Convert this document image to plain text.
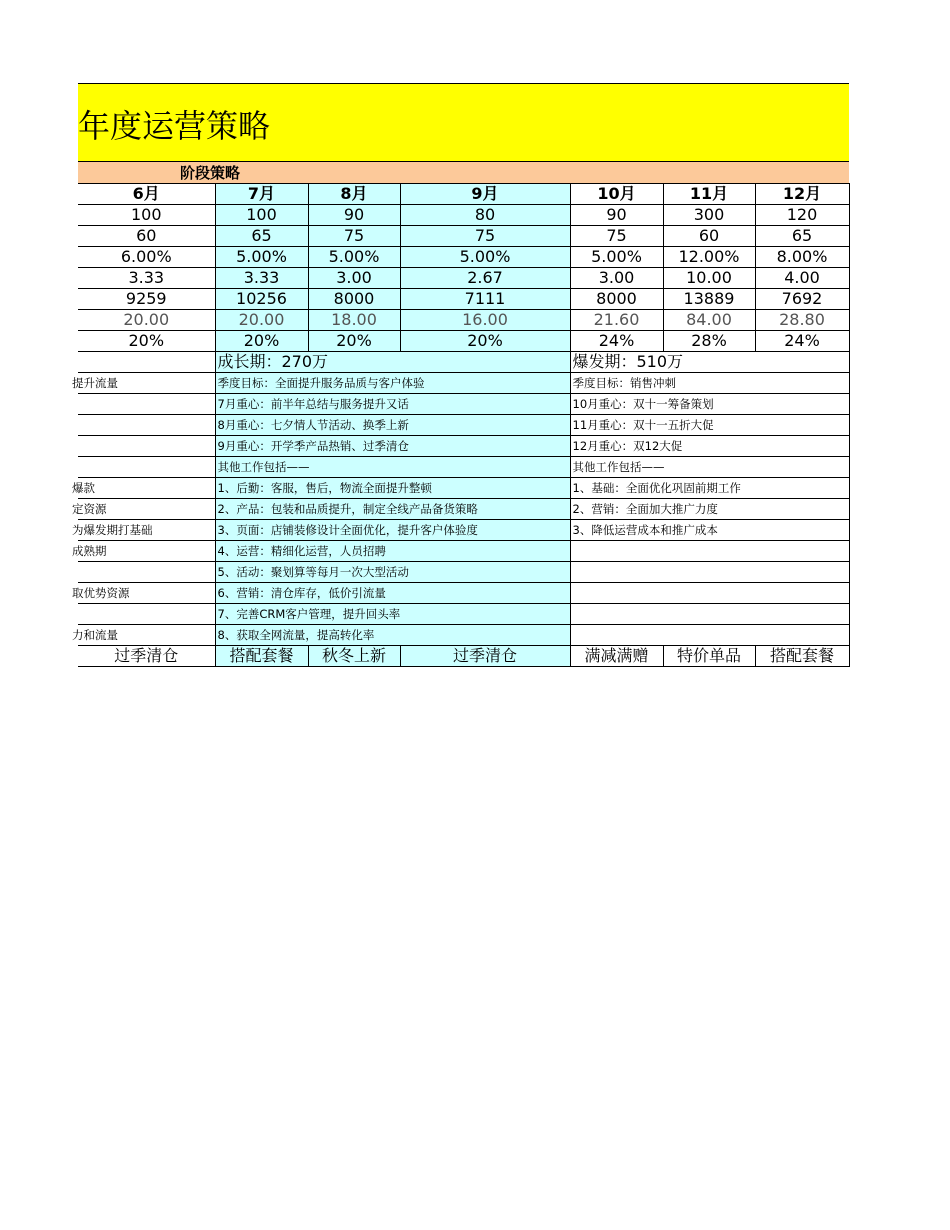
年度运营策略
阶段策略
6月	7月	8月	9月	10月	11月	12月
100	100	90	80	90	300	120
60	65	75	75	75	60	65
6.00%	5.00%	5.00%	5.00%	5.00%	12.00%	8.00%
3.33	3.33	3.00	2.67	3.00	10.00	4.00
9259	10256	8000	7111	8000	13889	7692
20.00	20.00	18.00	16.00	21.60	84.00	28.80
20%	20%	20%	20%	24%	28%	24%
	成长期：270万			爆发期：510万		
提升流量	季度目标：全面提升服务品质与客户体验			季度目标：销售冲刺		
	7月重心：前半年总结与服务提升又话			10月重心：双十一筹备策划		
	8月重心：七夕情人节活动、换季上新			11月重心：双十一五折大促		
	9月重心：开学季产品热销、过季清仓			12月重心：双12大促		
	其他工作包括——			其他工作包括——		
爆款	1、后勤：客服，售后，物流全面提升整顿			1、基础：全面优化巩固前期工作		
定资源	2、产品：包装和品质提升，制定全线产品备货策略			2、营销：全面加大推广力度		
为爆发期打基础	3、页面：店铺装修设计全面优化，提升客户体验度			3、降低运营成本和推广成本		
成熟期	4、运营：精细化运营，人员招聘					
	5、活动：聚划算等每月一次大型活动					
取优势资源	6、营销：清仓库存，低价引流量					
	7、完善CRM客户管理，提升回头率					
力和流量	8、获取全网流量，提高转化率					
过季清仓	搭配套餐	秋冬上新	过季清仓	满减满赠	特价单品	搭配套餐
